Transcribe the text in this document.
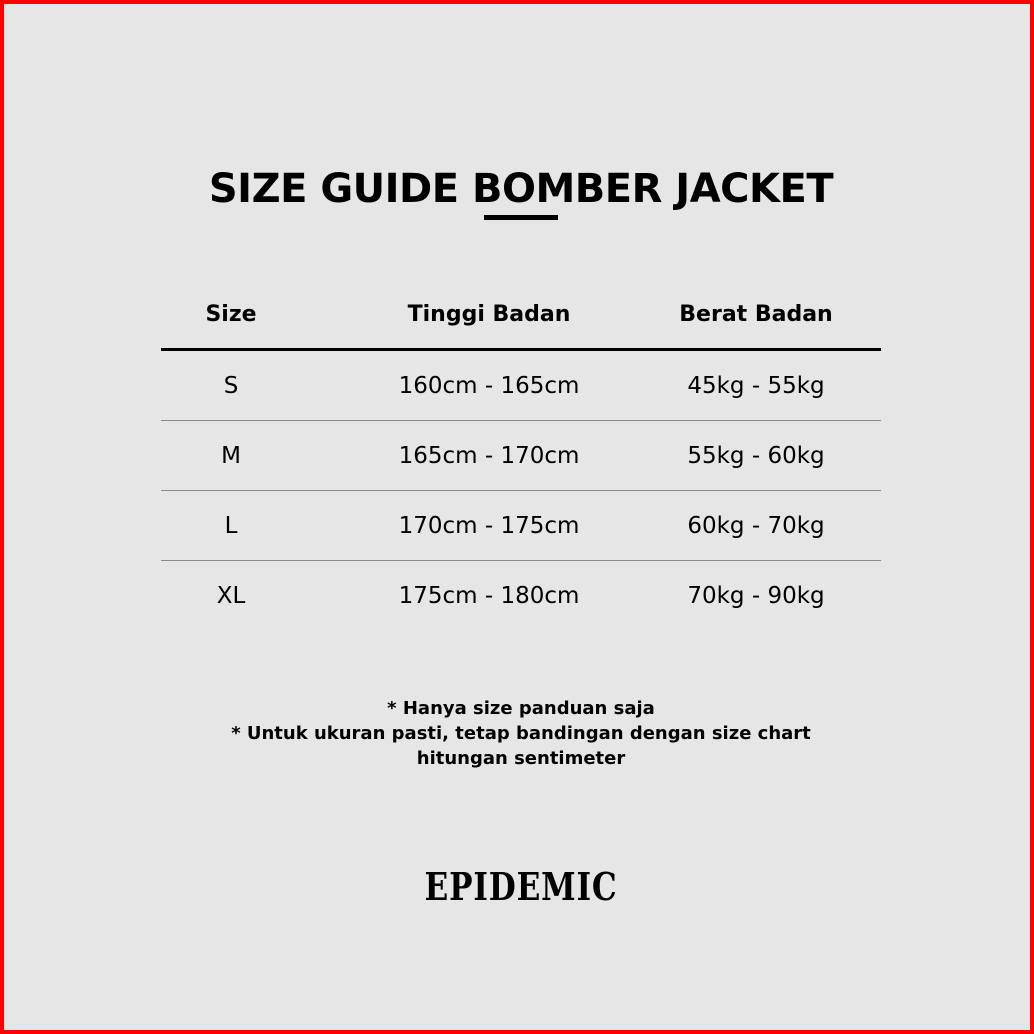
SIZE GUIDE BOMBER JACKET
Size	Tinggi Badan	Berat Badan
S	160cm - 165cm	45kg - 55kg
M	165cm - 170cm	55kg - 60kg
L	170cm - 175cm	60kg - 70kg
XL	175cm - 180cm	70kg - 90kg
* Hanya size panduan saja
* Untuk ukuran pasti, tetap bandingan dengan size chart
hitungan sentimeter
EPIDEMIC
